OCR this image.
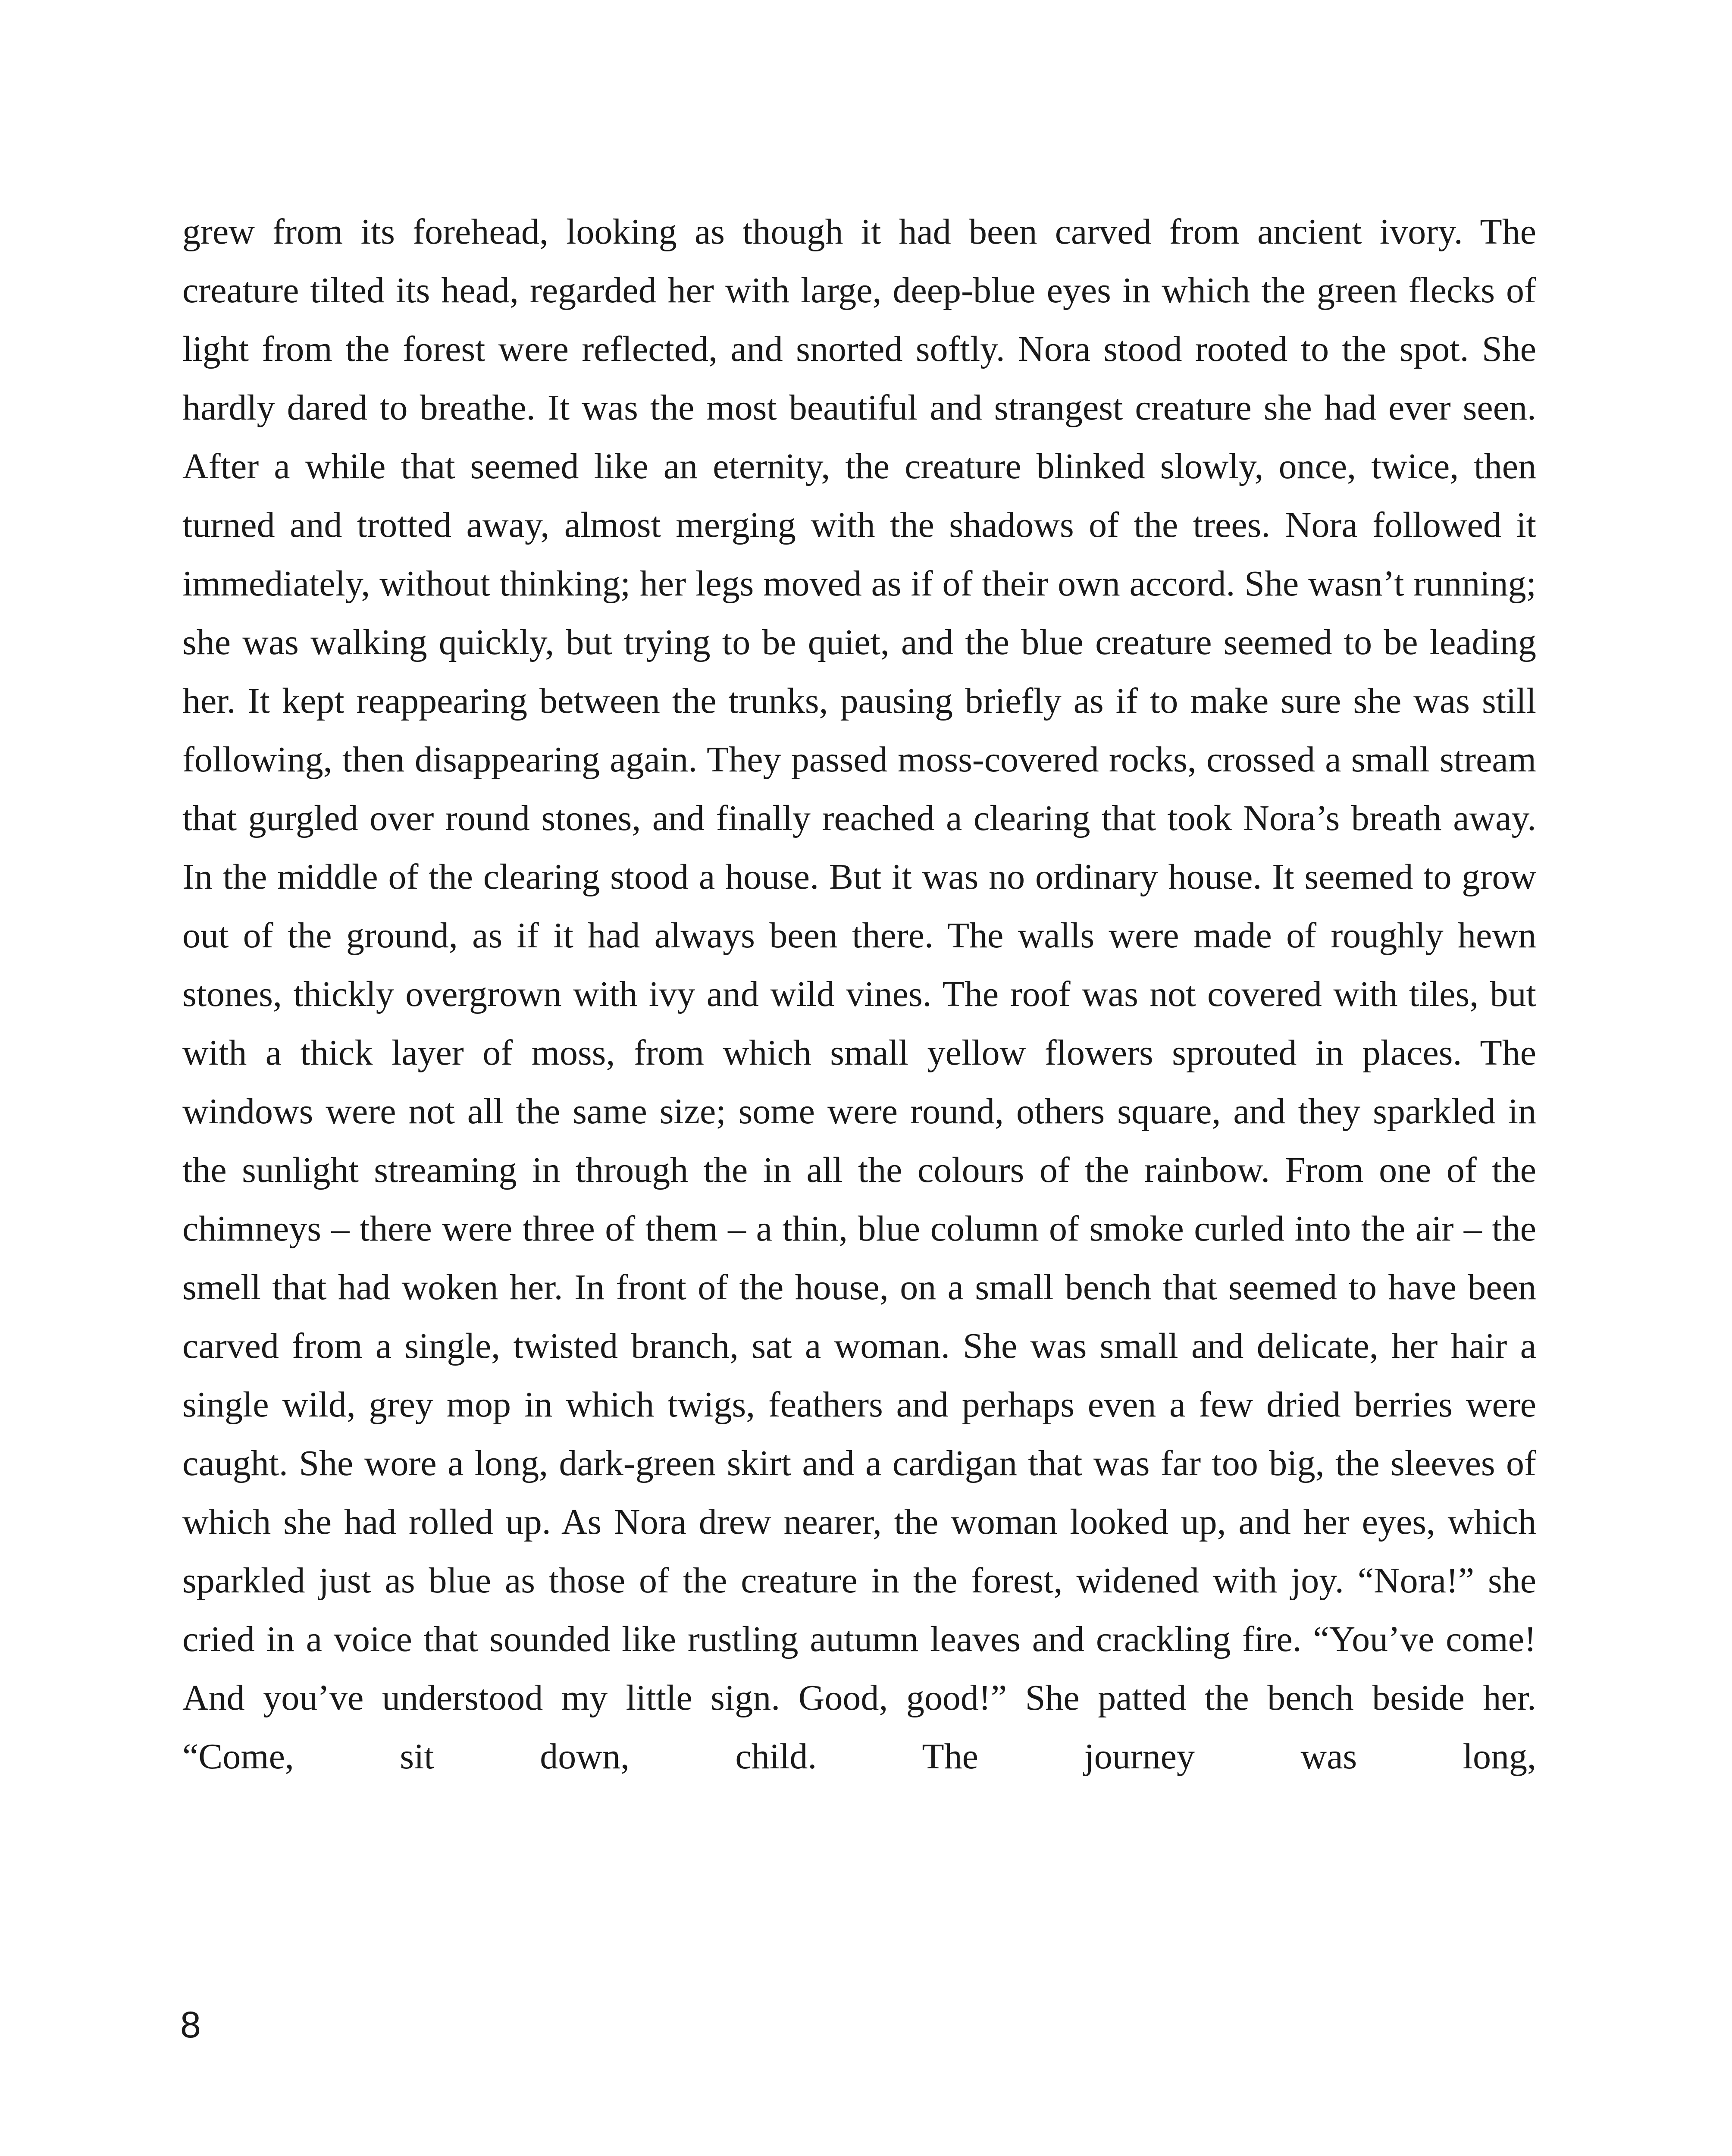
grew from its forehead, looking as though it had been carved from ancient ivory. The creature tilted its head, regarded her with large, deep-blue eyes in which the green flecks of light from the forest were reflected, and snorted softly. Nora stood rooted to the spot. She hardly dared to breathe. It was the most beautiful and strangest creature she had ever seen. After a while that seemed like an eternity, the creature blinked slowly, once, twice, then turned and trotted away, almost merging with the shadows of the trees. Nora followed it immediately, without thinking; her legs moved as if of their own accord. She wasn’t running; she was walking quickly, but trying to be quiet, and the blue creature seemed to be leading her. It kept reappearing between the trunks, pausing briefly as if to make sure she was still following, then disappearing again. They passed moss-covered rocks, crossed a small stream that gurgled over round stones, and finally reached a clearing that took Nora’s breath away. In the middle of the clearing stood a house. But it was no ordinary house. It seemed to grow out of the ground, as if it had always been there. The walls were made of roughly hewn stones, thickly overgrown with ivy and wild vines. The roof was not covered with tiles, but with a thick layer of moss, from which small yellow flowers sprouted in places. The windows were not all the same size; some were round, others square, and they sparkled in the sunlight streaming in through the in all the colours of the rainbow. From one of the chimneys – there were three of them – a thin, blue column of smoke curled into the air – the smell that had woken her. In front of the house, on a small bench that seemed to have been carved from a single, twisted branch, sat a woman. She was small and delicate, her hair a single wild, grey mop in which twigs, feathers and perhaps even a few dried berries were caught. She wore a long, dark-green skirt and a cardigan that was far too big, the sleeves of which she had rolled up. As Nora drew nearer, the woman looked up, and her eyes, which sparkled just as blue as those of the creature in the forest, widened with joy. “Nora!” she cried in a voice that sounded like rustling autumn leaves and crackling fire. “You’ve come! And you’ve understood my little sign. Good, good!” She patted the bench beside her. “Come, sit down, child. The journey was long,

8
